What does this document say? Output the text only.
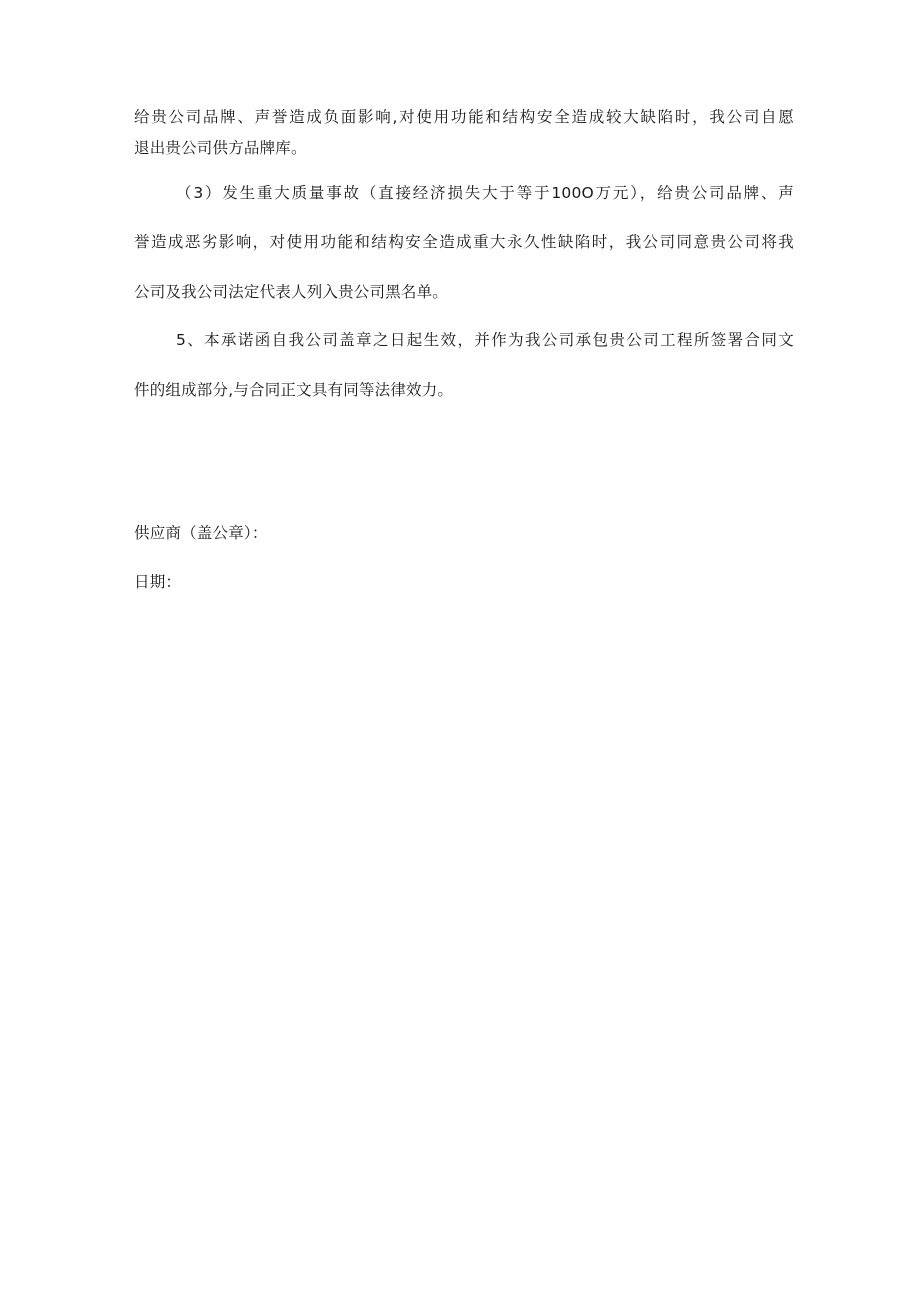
给贵公司品牌、声誉造成负面影响,对使用功能和结构安全造成较大缺陷时，我公司自愿
退出贵公司供方品牌库。
（3）发生重大质量事故（直接经济损失大于等于100O万元），给贵公司品牌、声
誉造成恶劣影响，对使用功能和结构安全造成重大永久性缺陷时，我公司同意贵公司将我
公司及我公司法定代表人列入贵公司黑名单。
5、本承诺函自我公司盖章之日起生效，并作为我公司承包贵公司工程所签署合同文
件的组成部分,与合同正文具有同等法律效力。
供应商（盖公章）：
日期：
